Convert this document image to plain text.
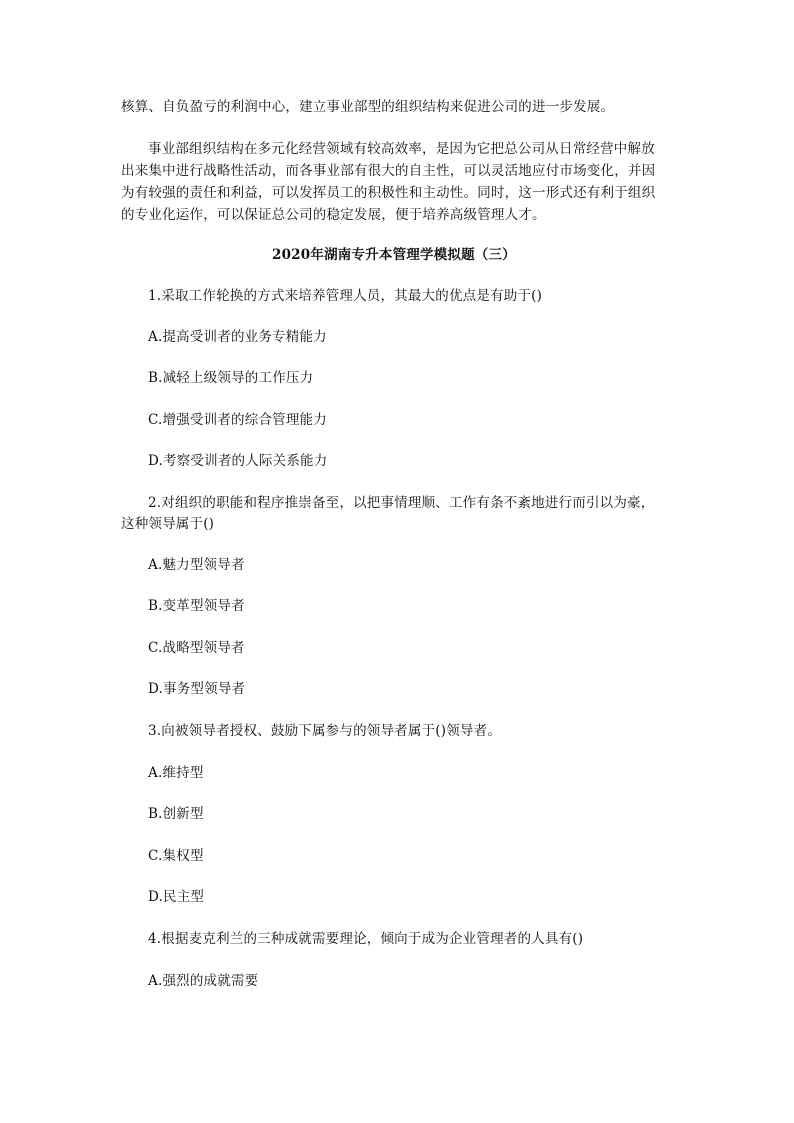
核算、自负盈亏的利润中心，建立事业部型的组织结构来促进公司的进一步发展。
事业部组织结构在多元化经营领域有较高效率，是因为它把总公司从日常经营中解放
出来集中进行战略性活动，而各事业部有很大的自主性，可以灵活地应付市场变化，并因
为有较强的责任和利益，可以发挥员工的积极性和主动性。同时，这一形式还有利于组织
的专业化运作，可以保证总公司的稳定发展，便于培养高级管理人才。
2020年湖南专升本管理学模拟题（三）
1.采取工作轮换的方式来培养管理人员，其最大的优点是有助于()
A.提高受训者的业务专精能力
B.减轻上级领导的工作压力
C.增强受训者的综合管理能力
D.考察受训者的人际关系能力
2.对组织的职能和程序推崇备至，以把事情理顺、工作有条不紊地进行而引以为豪，
这种领导属于()
A.魅力型领导者
B.变革型领导者
C.战略型领导者
D.事务型领导者
3.向被领导者授权、鼓励下属参与的领导者属于()领导者。
A.维持型
B.创新型
C.集权型
D.民主型
4.根据麦克利兰的三种成就需要理论，倾向于成为企业管理者的人具有()
A.强烈的成就需要
